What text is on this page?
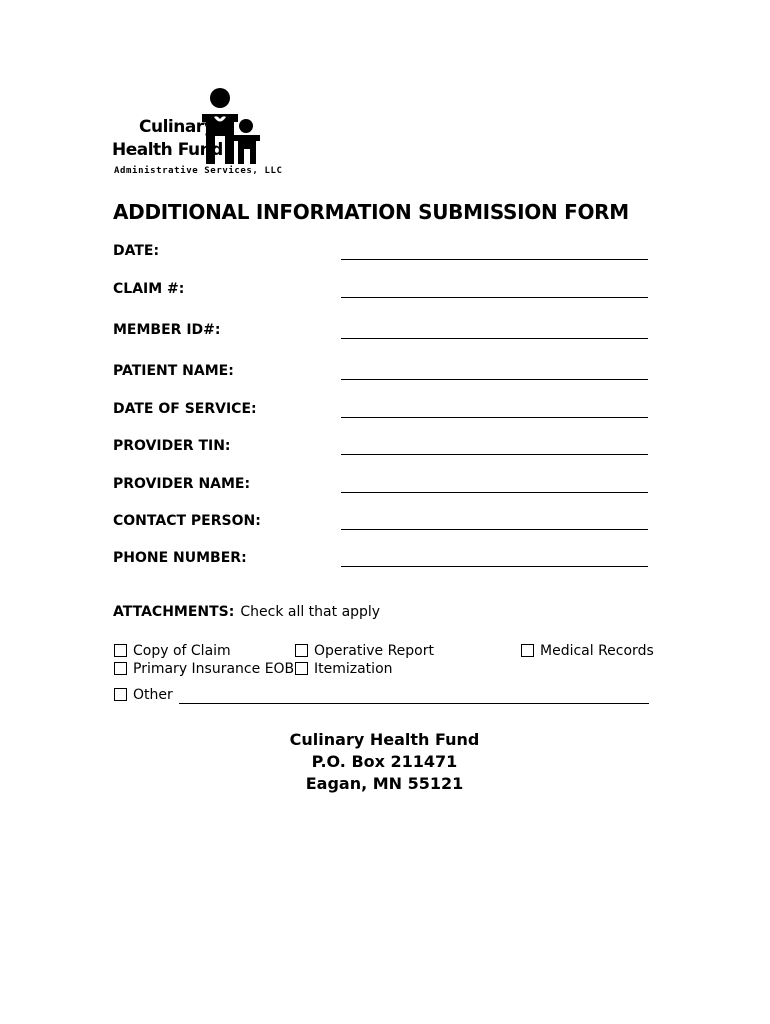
Culinary
Health Fund
Administrative Services, LLC
ADDITIONAL INFORMATION SUBMISSION FORM
DATE:
CLAIM #:
MEMBER ID#:
PATIENT NAME:
DATE OF SERVICE:
PROVIDER TIN:
PROVIDER NAME:
CONTACT PERSON:
PHONE NUMBER:
ATTACHMENTS: Check all that apply
Copy of Claim	Operative Report	Medical Records
Primary Insurance EOB	Itemization
Other
Culinary Health Fund
P.O. Box 211471
Eagan, MN 55121
